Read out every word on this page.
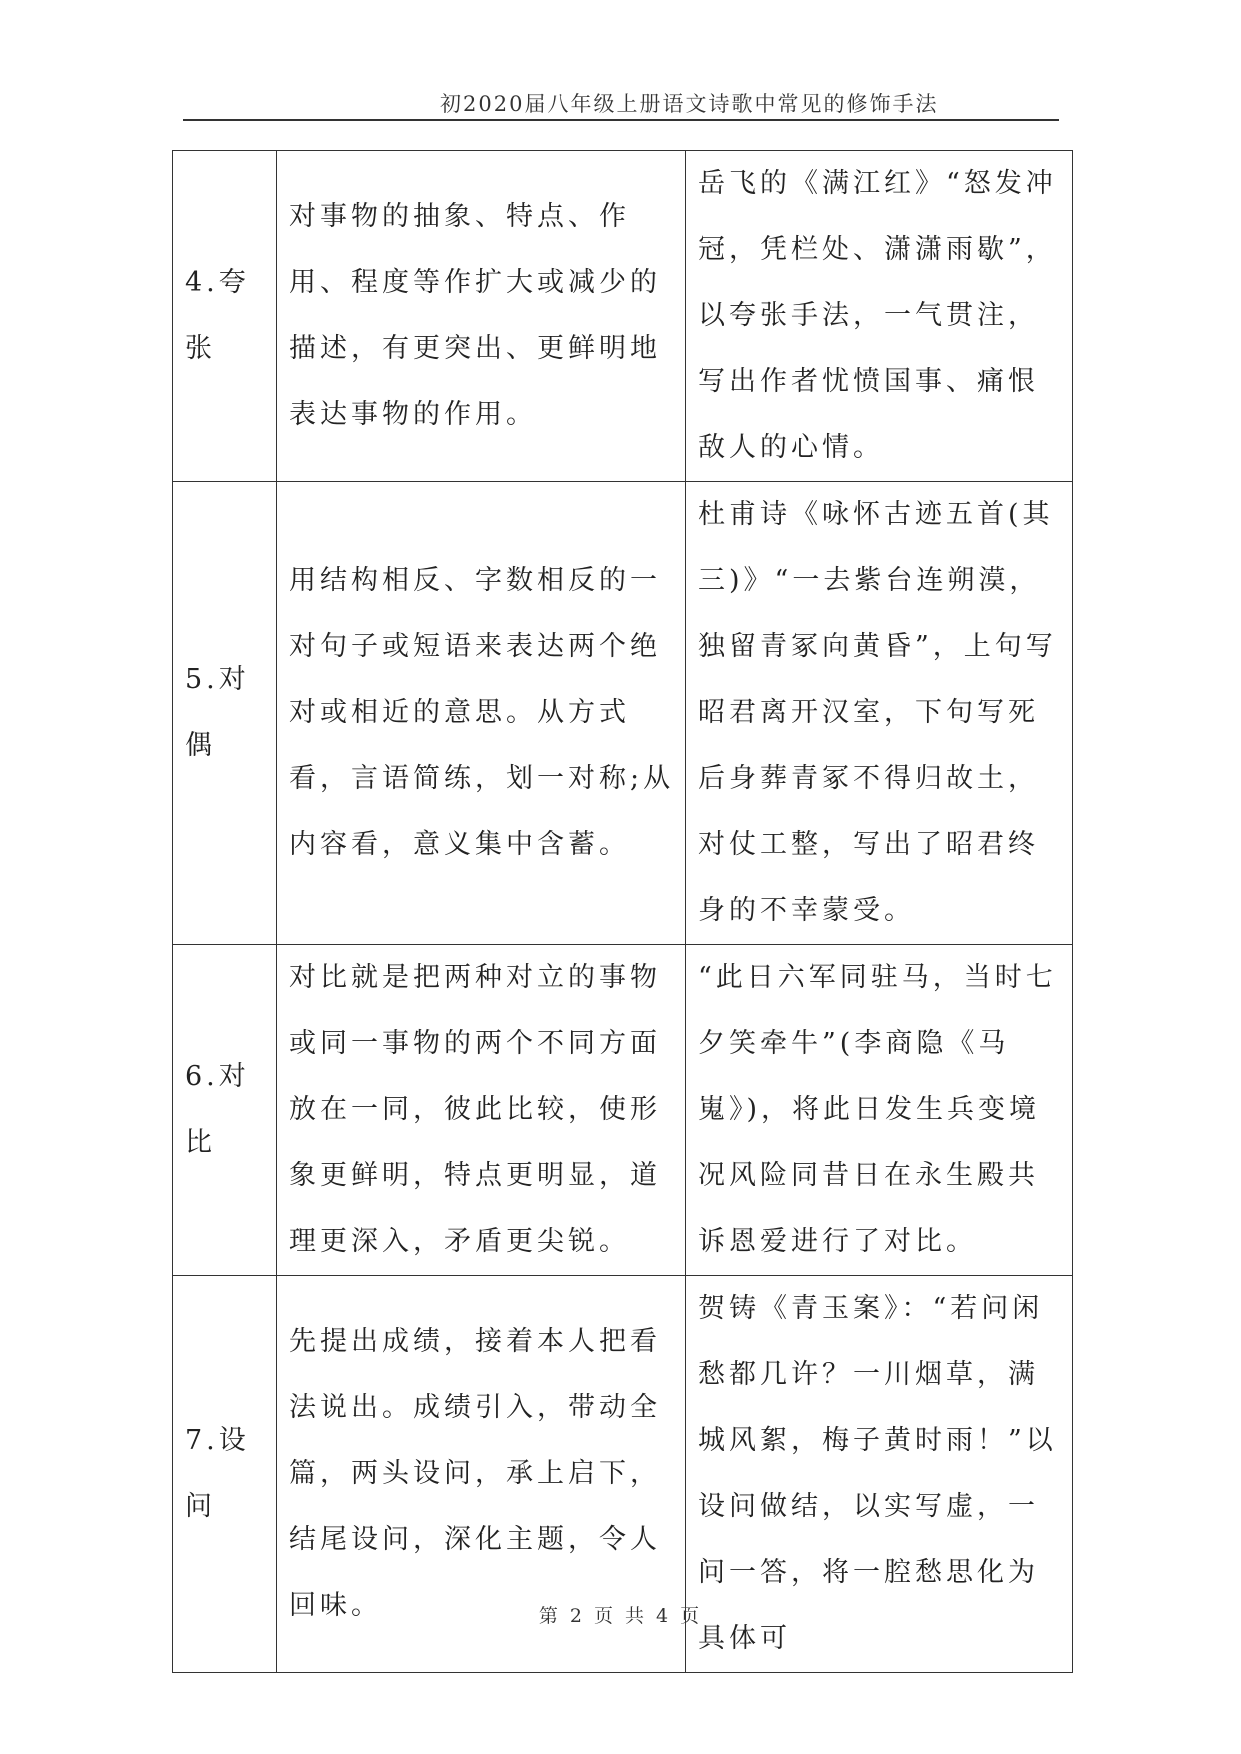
初2020届八年级上册语文诗歌中常见的修饰手法
4.夸张	对事物的抽象、特点、作用、程度等作扩大或减少的描述，有更突出、更鲜明地表达事物的作用。	岳飞的《满江红》“怒发冲冠，凭栏处、潇潇雨歇”，以夸张手法，一气贯注，写出作者忧愤国事、痛恨敌人的心情。
5.对偶	用结构相反、字数相反的一对句子或短语来表达两个绝对或相近的意思。从方式看，言语简练，划一对称;从内容看，意义集中含蓄。	杜甫诗《咏怀古迹五首(其三)》“一去紫台连朔漠，独留青冢向黄昏”，上句写昭君离开汉室，下句写死后身葬青冢不得归故土，对仗工整，写出了昭君终身的不幸蒙受。
6.对比	对比就是把两种对立的事物或同一事物的两个不同方面放在一同，彼此比较，使形象更鲜明，特点更明显，道理更深入，矛盾更尖锐。	“此日六军同驻马，当时七夕笑牵牛”(李商隐《马嵬》)，将此日发生兵变境况风险同昔日在永生殿共诉恩爱进行了对比。
7.设问	先提出成绩，接着本人把看法说出。成绩引入，带动全篇，两头设问，承上启下，结尾设问，深化主题，令人回味。	贺铸《青玉案》：“若问闲愁都几许？一川烟草，满城风絮，梅子黄时雨！”以设问做结，以实写虚，一问一答，将一腔愁思化为具体可
第 2 页 共 4 页
